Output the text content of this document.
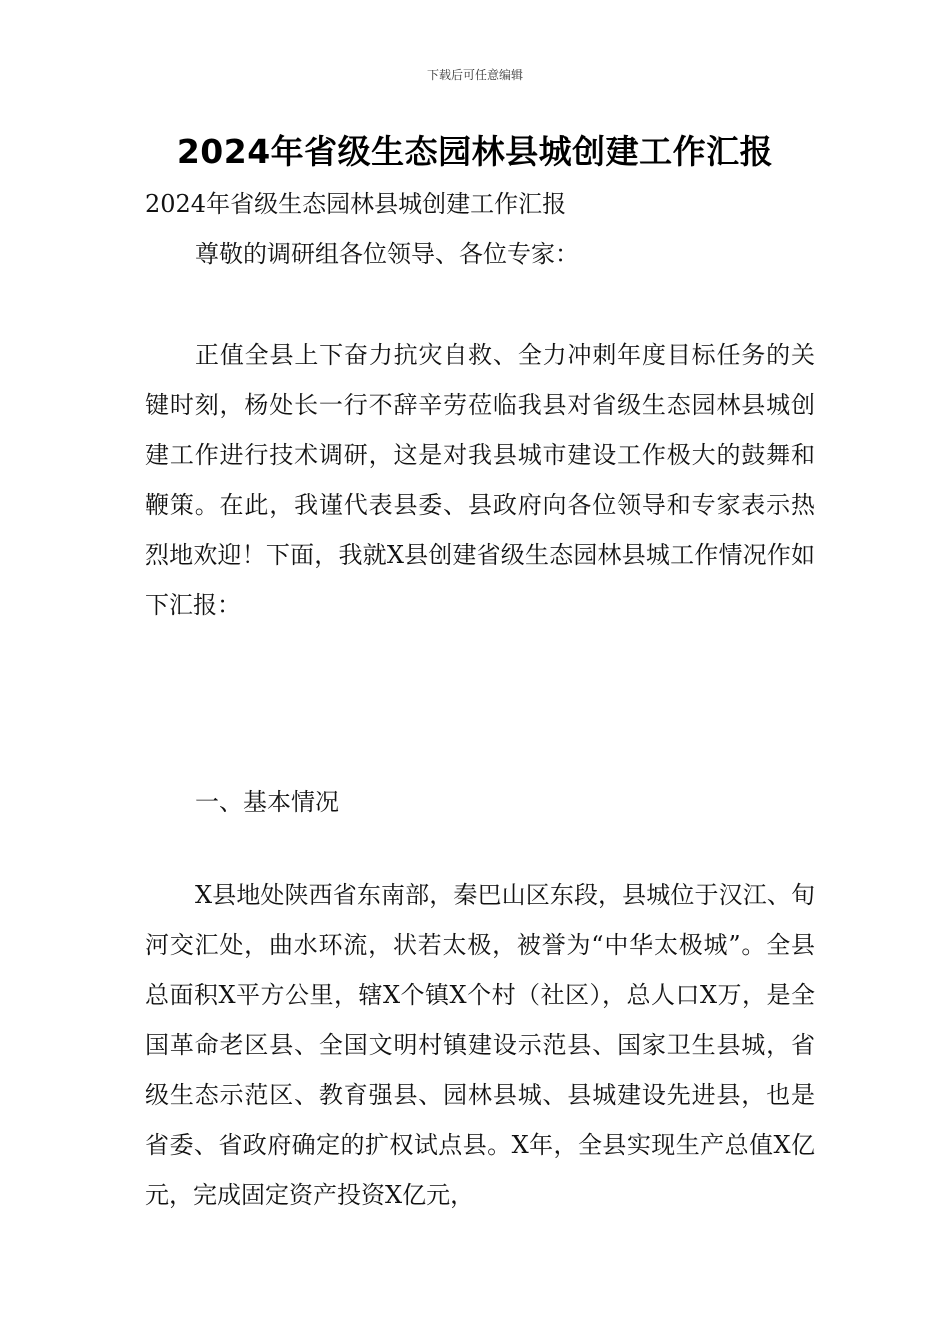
下载后可任意编辑
2024年省级生态园林县城创建工作汇报
2024年省级生态园林县城创建工作汇报
尊敬的调研组各位领导、各位专家：

正值全县上下奋力抗灾自救、全力冲刺年度目标任务的关键时刻，杨处长一行不辞辛劳莅临我县对省级生态园林县城创建工作进行技术调研，这是对我县城市建设工作极大的鼓舞和鞭策。在此，我谨代表县委、县政府向各位领导和专家表示热烈地欢迎！下面，我就X县创建省级生态园林县城工作情况作如下汇报：

一、基本情况

X县地处陕西省东南部，秦巴山区东段，县城位于汉江、旬河交汇处，曲水环流，状若太极，被誉为“中华太极城”。全县总面积X平方公里，辖X个镇X个村（社区），总人口X万，是全国革命老区县、全国文明村镇建设示范县、国家卫生县城，省级生态示范区、教育强县、园林县城、县城建设先进县，也是省委、省政府确定的扩权试点县。X年，全县实现生产总值X亿元，完成固定资产投资X亿元，
